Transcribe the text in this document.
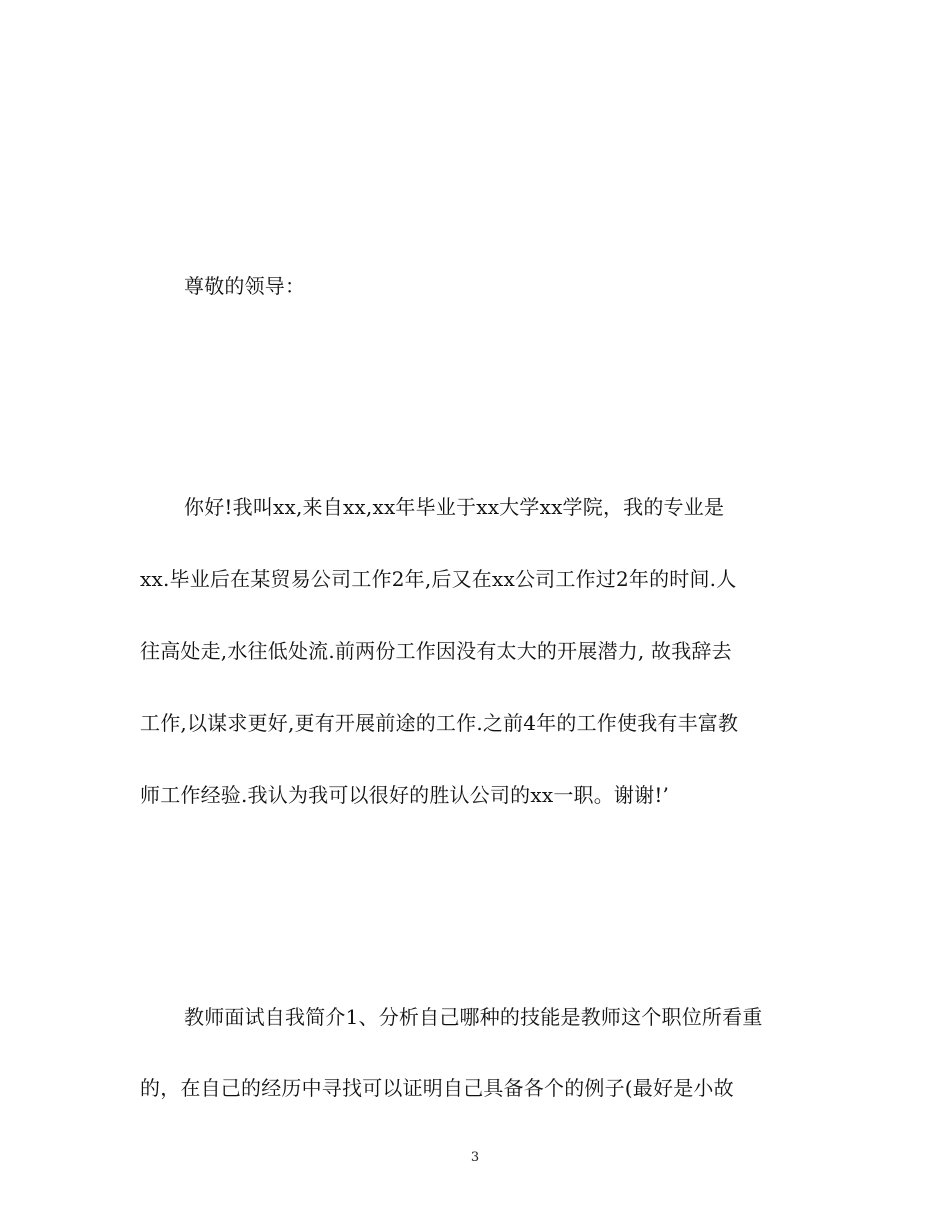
尊敬的领导：
你好!我叫xx,来自xx,xx年毕业于xx大学xx学院，我的专业是
xx.毕业后在某贸易公司工作2年,后又在xx公司工作过2年的时间.人
往高处走,水往低处流.前两份工作因没有太大的开展潜力, 故我辞去
工作,以谋求更好,更有开展前途的工作.之前4年的工作使我有丰富教
师工作经验.我认为我可以很好的胜认公司的xx一职。谢谢!’
教师面试自我简介1、分析自己哪种的技能是教师这个职位所看重
的，在自己的经历中寻找可以证明自己具备各个的例子(最好是小故
3
